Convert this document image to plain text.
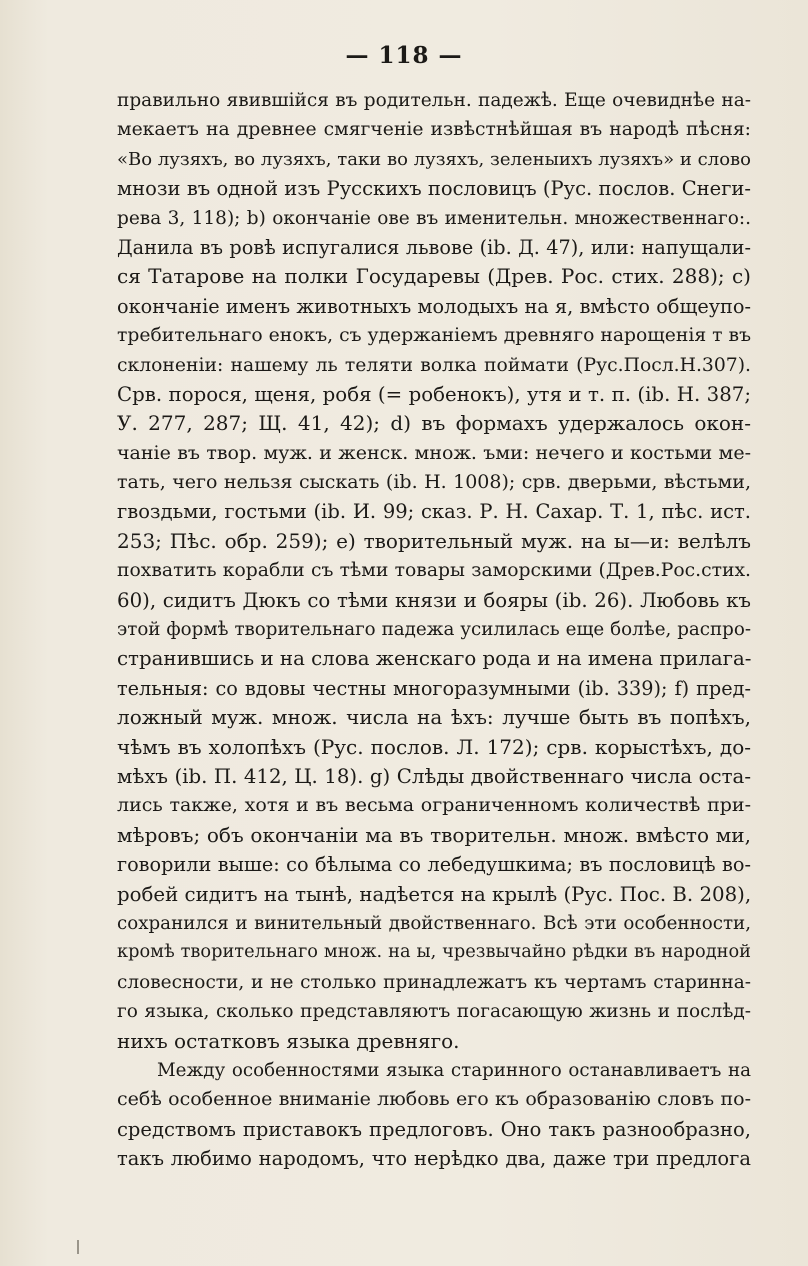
— 118 —
правильно явившійся въ родительн. падежѣ. Еще очевиднѣе на-
мекаетъ на древнее смягченіе извѣстнѣйшая въ народѣ пѣсня:
«Во лузяхъ, во лузяхъ, таки во лузяхъ, зеленыихъ лузяхъ» и слово
мнози въ одной изъ Русскихъ пословицъ (Рус. послов. Снеги-
рева 3, 118); b) окончаніе ове въ именительн. множественнаго:.
Данила въ ровѣ испугалися львове (ib. Д. 47), или: напущали-
ся Татарове на полки Государевы (Древ. Рос. стих. 288); c)
окончаніе именъ животныхъ молодыхъ на я, вмѣсто общеупо-
требительнаго енокъ, съ удержаніемъ древняго нарощенія т въ
склоненіи: нашему ль теляти волка поймати (Рус.Посл.Н.307).
Срв. порося, щеня, робя (= робенокъ), утя и т. п. (ib. Н. 387;
У. 277, 287; Щ. 41, 42); d) въ формахъ удержалось окон-
чаніе въ твор. муж. и женск. множ. ъми: нечего и костьми ме-
тать, чего нельзя сыскать (ib. Н. 1008); срв. дверьми, вѣстьми,
гвоздьми, гостьми (ib. И. 99; сказ. Р. Н. Сахар. Т. 1, пѣс. ист.
253; Пѣс. обр. 259); e) творительный муж. на ы—и: велѣлъ
похватить корабли съ тѣми товары заморскими (Древ.Рос.стих.
60), сидитъ Дюкъ со тѣми князи и бояры (ib. 26). Любовь къ
этой формѣ творительнаго падежа усилилась еще болѣе, распро-
странившись и на слова женскаго рода и на имена прилага-
тельныя: со вдовы честны многоразумными (ib. 339); f) пред-
ложный муж. множ. числа на ѣхъ: лучше быть въ попѣхъ,
чѣмъ въ холопѣхъ (Рус. послов. Л. 172); срв. корыстѣхъ, до-
мѣхъ (ib. П. 412, Ц. 18). g) Слѣды двойственнаго числа оста-
лись также, хотя и въ весьма ограниченномъ количествѣ при-
мѣровъ; объ окончаніи ма въ творительн. множ. вмѣсто ми,
говорили выше: со бѣлыма со лебедушкима; въ пословицѣ во-
робей сидитъ на тынѣ, надѣется на крылѣ (Рус. Пос. В. 208),
сохранился и винительный двойственнаго. Всѣ эти особенности,
кромѣ творительнаго множ. на ы, чрезвычайно рѣдки въ народной
словесности, и не столько принадлежатъ къ чертамъ старинна-
го языка, сколько представляютъ погасающую жизнь и послѣд-
нихъ остатковъ языка древняго.
Между особенностями языка старинного останавливаетъ на
себѣ особенное вниманіе любовь его къ образованію словъ по-
средствомъ приставокъ предлоговъ. Оно такъ разнообразно,
такъ любимо народомъ, что нерѣдко два, даже три предлога
